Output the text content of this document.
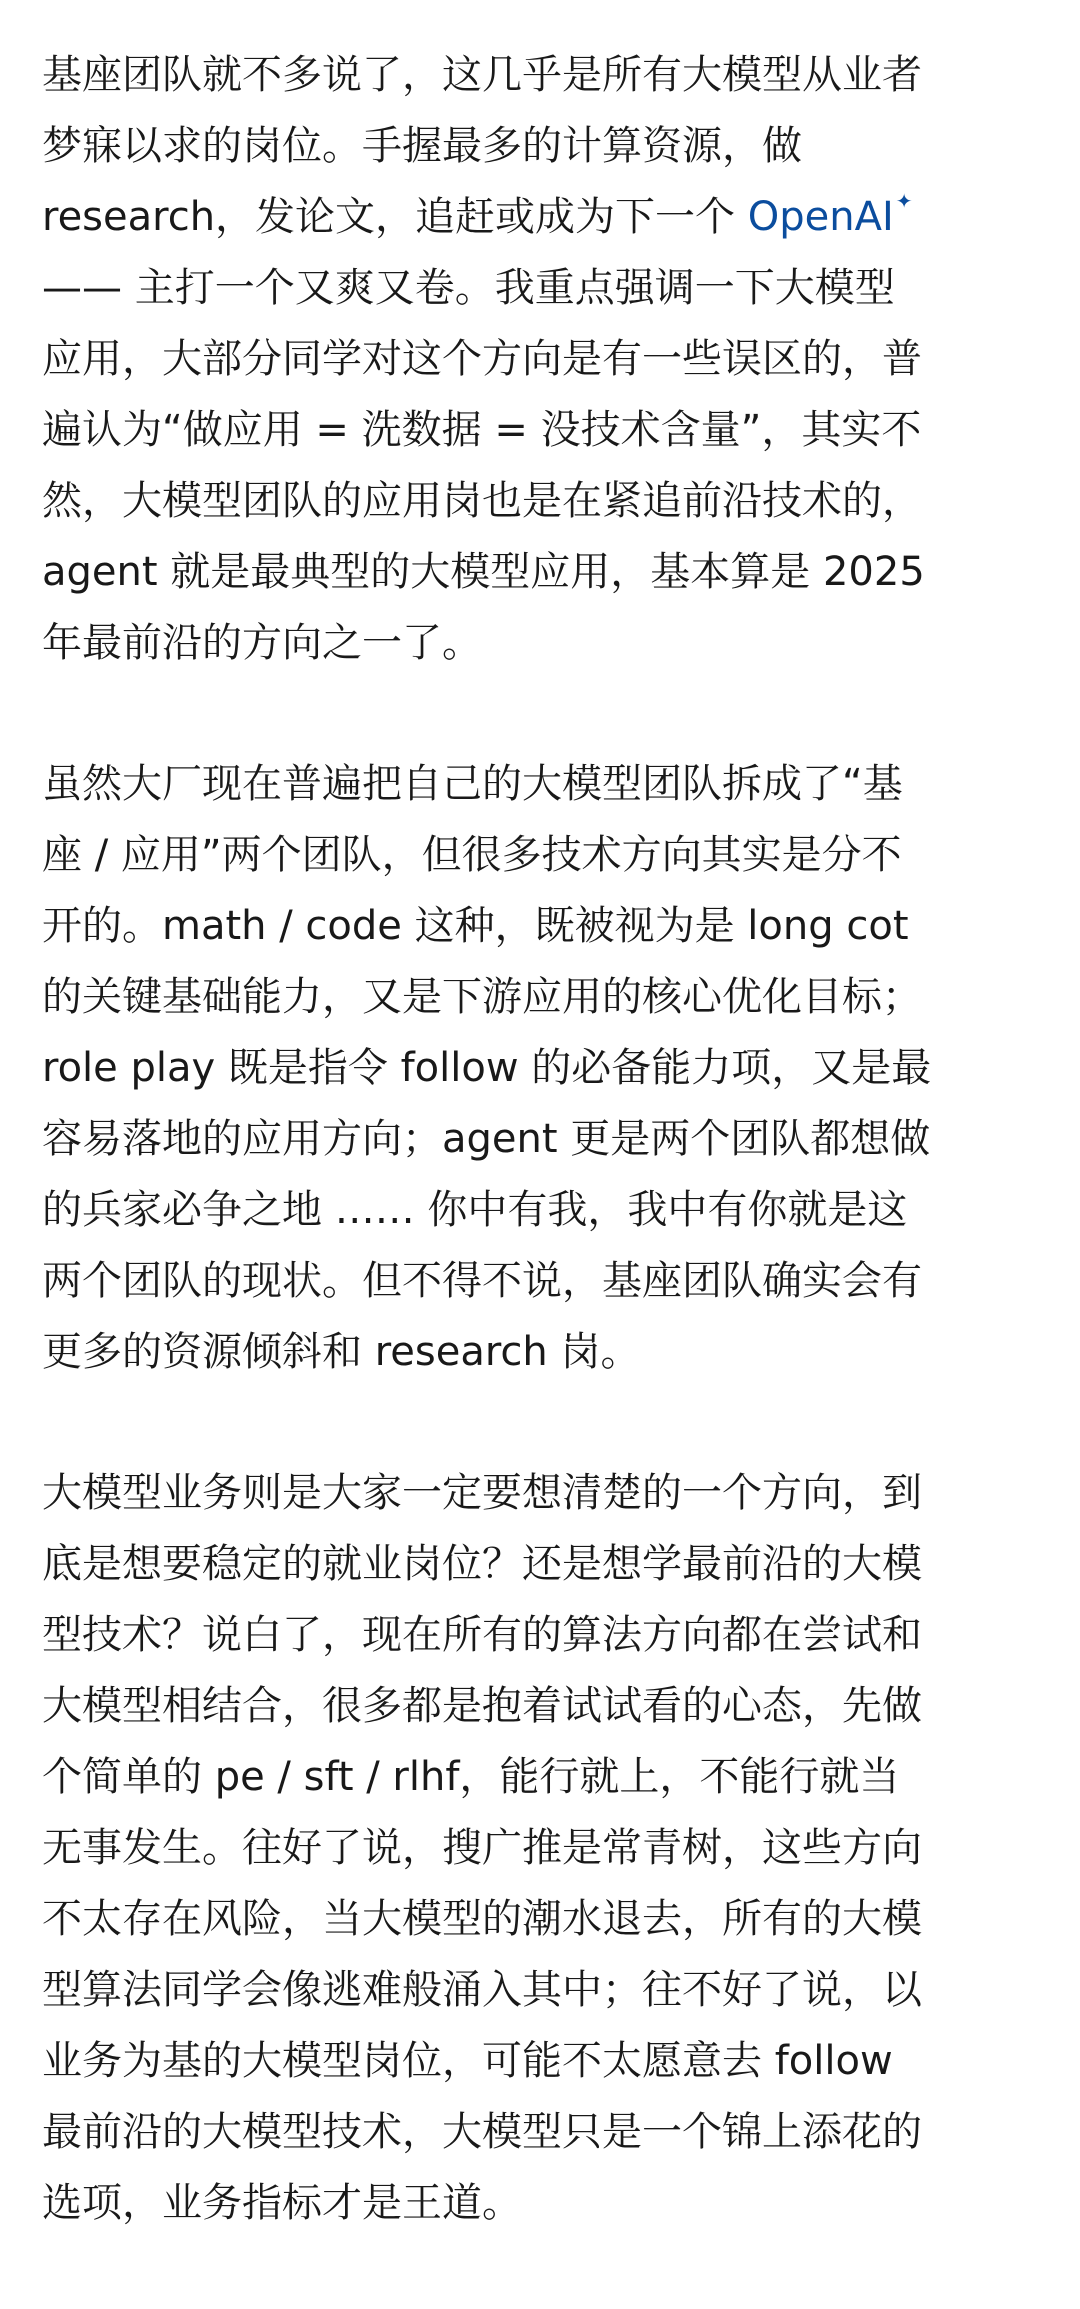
基座团队就不多说了，这几乎是所有大模型从业者
梦寐以求的岗位。手握最多的计算资源，做
research，发论文，追赶或成为下一个 OpenAI ✦
—— 主打一个又爽又卷。我重点强调一下大模型
应用，大部分同学对这个方向是有一些误区的，普
遍认为“做应用 = 洗数据 = 没技术含量”，其实不
然，大模型团队的应用岗也是在紧追前沿技术的，
agent 就是最典型的大模型应用，基本算是 2025
年最前沿的方向之一了。
虽然大厂现在普遍把自己的大模型团队拆成了“基
座 / 应用”两个团队，但很多技术方向其实是分不
开的。math / code 这种，既被视为是 long cot
的关键基础能力，又是下游应用的核心优化目标；
role play 既是指令 follow 的必备能力项，又是最
容易落地的应用方向；agent 更是两个团队都想做
的兵家必争之地 …… 你中有我，我中有你就是这
两个团队的现状。但不得不说，基座团队确实会有
更多的资源倾斜和 research 岗。
大模型业务则是大家一定要想清楚的一个方向，到
底是想要稳定的就业岗位？还是想学最前沿的大模
型技术？说白了，现在所有的算法方向都在尝试和
大模型相结合，很多都是抱着试试看的心态，先做
个简单的 pe / sft / rlhf，能行就上，不能行就当
无事发生。往好了说，搜广推是常青树，这些方向
不太存在风险，当大模型的潮水退去，所有的大模
型算法同学会像逃难般涌入其中；往不好了说，以
业务为基的大模型岗位，可能不太愿意去 follow
最前沿的大模型技术，大模型只是一个锦上添花的
选项，业务指标才是王道。
